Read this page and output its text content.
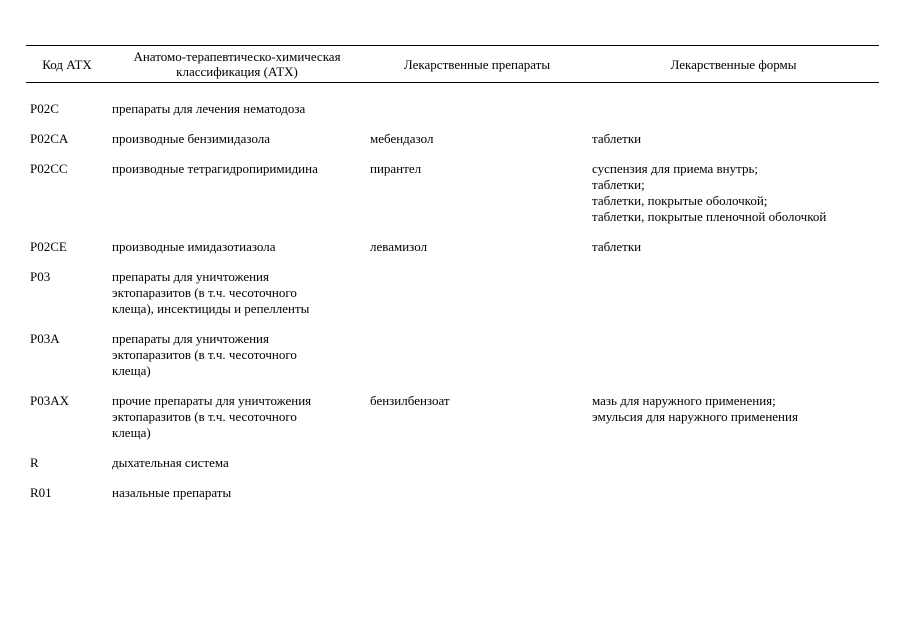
Код АТХ	Анатомо-терапевтическо-химическая классификация (АТХ)	Лекарственные препараты	Лекарственные формы

P02C	препараты для лечения нематодоза		

P02CA	производные бензимидазола	мебендазол	таблетки

P02CC	производные тетрагидропиримидина	пирантел	суспензия для приема внутрь;
таблетки;
таблетки, покрытые оболочкой;
таблетки, покрытые пленочной оболочкой

P02CE	производные имидазотиазола	левамизол	таблетки

P03	препараты для уничтожения
эктопаразитов (в т.ч. чесоточного
клеща), инсектициды и репелленты		

P03A	препараты для уничтожения
эктопаразитов (в т.ч. чесоточного
клеща)		

P03AX	прочие препараты для уничтожения
эктопаразитов (в т.ч. чесоточного
клеща)	бензилбензоат	мазь для наружного применения;
эмульсия для наружного применения

R	дыхательная система		

R01	назальные препараты		
